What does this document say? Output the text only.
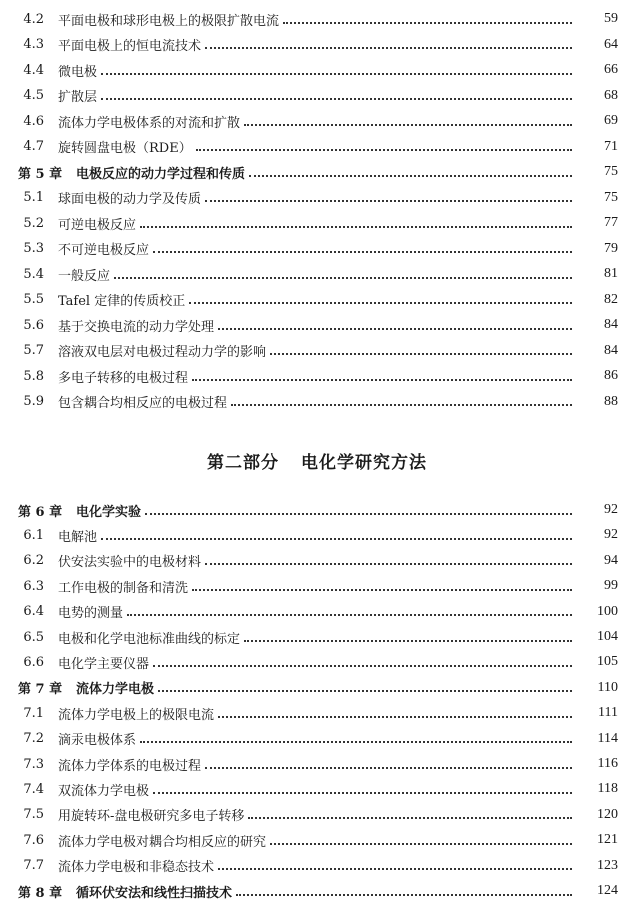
4.2	平面电极和球形电极上的极限扩散电流	59
4.3	平面电极上的恒电流技术	64
4.4	微电极	66
4.5	扩散层	68
4.6	流体力学电极体系的对流和扩散	69
4.7	旋转圆盘电极（RDE）	71
第 5 章	电极反应的动力学过程和传质	75
5.1	球面电极的动力学及传质	75
5.2	可逆电极反应	77
5.3	不可逆电极反应	79
5.4	一般反应	81
5.5	Tafel 定律的传质校正	82
5.6	基于交换电流的动力学处理	84
5.7	溶液双电层对电极过程动力学的影响	84
5.8	多电子转移的电极过程	86
5.9	包含耦合均相反应的电极过程	88
第二部分 电化学研究方法
第 6 章	电化学实验	92
6.1	电解池	92
6.2	伏安法实验中的电极材料	94
6.3	工作电极的制备和清洗	99
6.4	电势的测量	100
6.5	电极和化学电池标准曲线的标定	104
6.6	电化学主要仪器	105
第 7 章	流体力学电极	110
7.1	流体力学电极上的极限电流	111
7.2	滴汞电极体系	114
7.3	流体力学体系的电极过程	116
7.4	双流体力学电极	118
7.5	用旋转环-盘电极研究多电子转移	120
7.6	流体力学电极对耦合均相反应的研究	121
7.7	流体力学电极和非稳态技术	123
第 8 章	循环伏安法和线性扫描技术	124
